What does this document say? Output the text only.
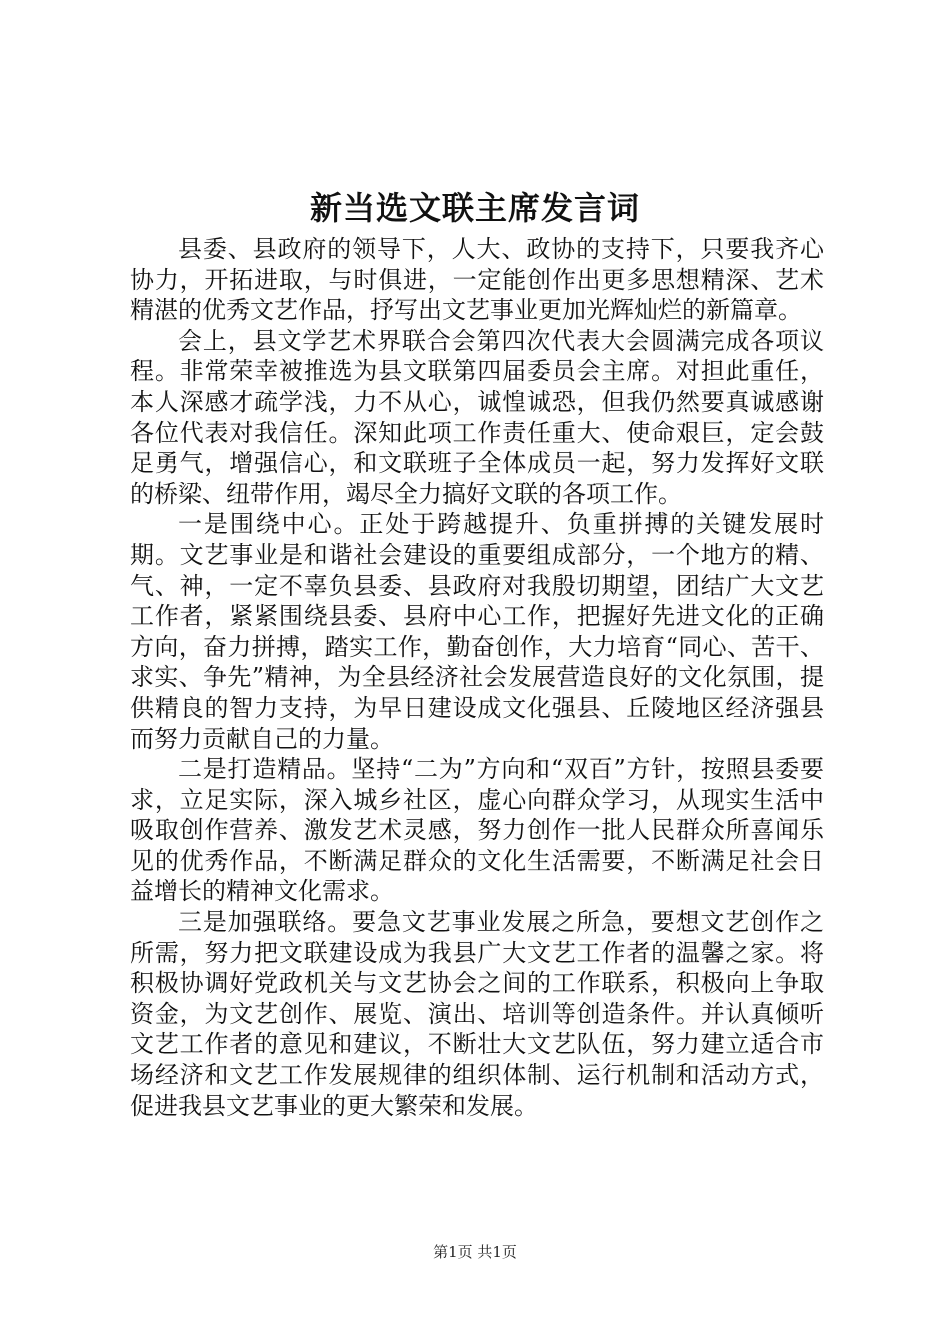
新当选文联主席发言词

县委、县政府的领导下，人大、政协的支持下，只要我齐心协力，开拓进取，与时俱进，一定能创作出更多思想精深、艺术精湛的优秀文艺作品，抒写出文艺事业更加光辉灿烂的新篇章。

会上，县文学艺术界联合会第四次代表大会圆满完成各项议程。非常荣幸被推选为县文联第四届委员会主席。对担此重任，本人深感才疏学浅，力不从心，诚惶诚恐，但我仍然要真诚感谢各位代表对我信任。深知此项工作责任重大、使命艰巨，定会鼓足勇气，增强信心，和文联班子全体成员一起，努力发挥好文联的桥梁、纽带作用，竭尽全力搞好文联的各项工作。

一是围绕中心。正处于跨越提升、负重拼搏的关键发展时期。文艺事业是和谐社会建设的重要组成部分，一个地方的精、气、神，一定不辜负县委、县政府对我殷切期望，团结广大文艺工作者，紧紧围绕县委、县府中心工作，把握好先进文化的正确方向，奋力拼搏，踏实工作，勤奋创作，大力培育“同心、苦干、求实、争先”精神，为全县经济社会发展营造良好的文化氛围，提供精良的智力支持，为早日建设成文化强县、丘陵地区经济强县而努力贡献自己的力量。

二是打造精品。坚持“二为”方向和“双百”方针，按照县委要求，立足实际，深入城乡社区，虚心向群众学习，从现实生活中吸取创作营养、激发艺术灵感，努力创作一批人民群众所喜闻乐见的优秀作品，不断满足群众的文化生活需要，不断满足社会日益增长的精神文化需求。

三是加强联络。要急文艺事业发展之所急，要想文艺创作之所需，努力把文联建设成为我县广大文艺工作者的温馨之家。将积极协调好党政机关与文艺协会之间的工作联系，积极向上争取资金，为文艺创作、展览、演出、培训等创造条件。并认真倾听文艺工作者的意见和建议，不断壮大文艺队伍，努力建立适合市场经济和文艺工作发展规律的组织体制、运行机制和活动方式，促进我县文艺事业的更大繁荣和发展。

第1页 共1页
